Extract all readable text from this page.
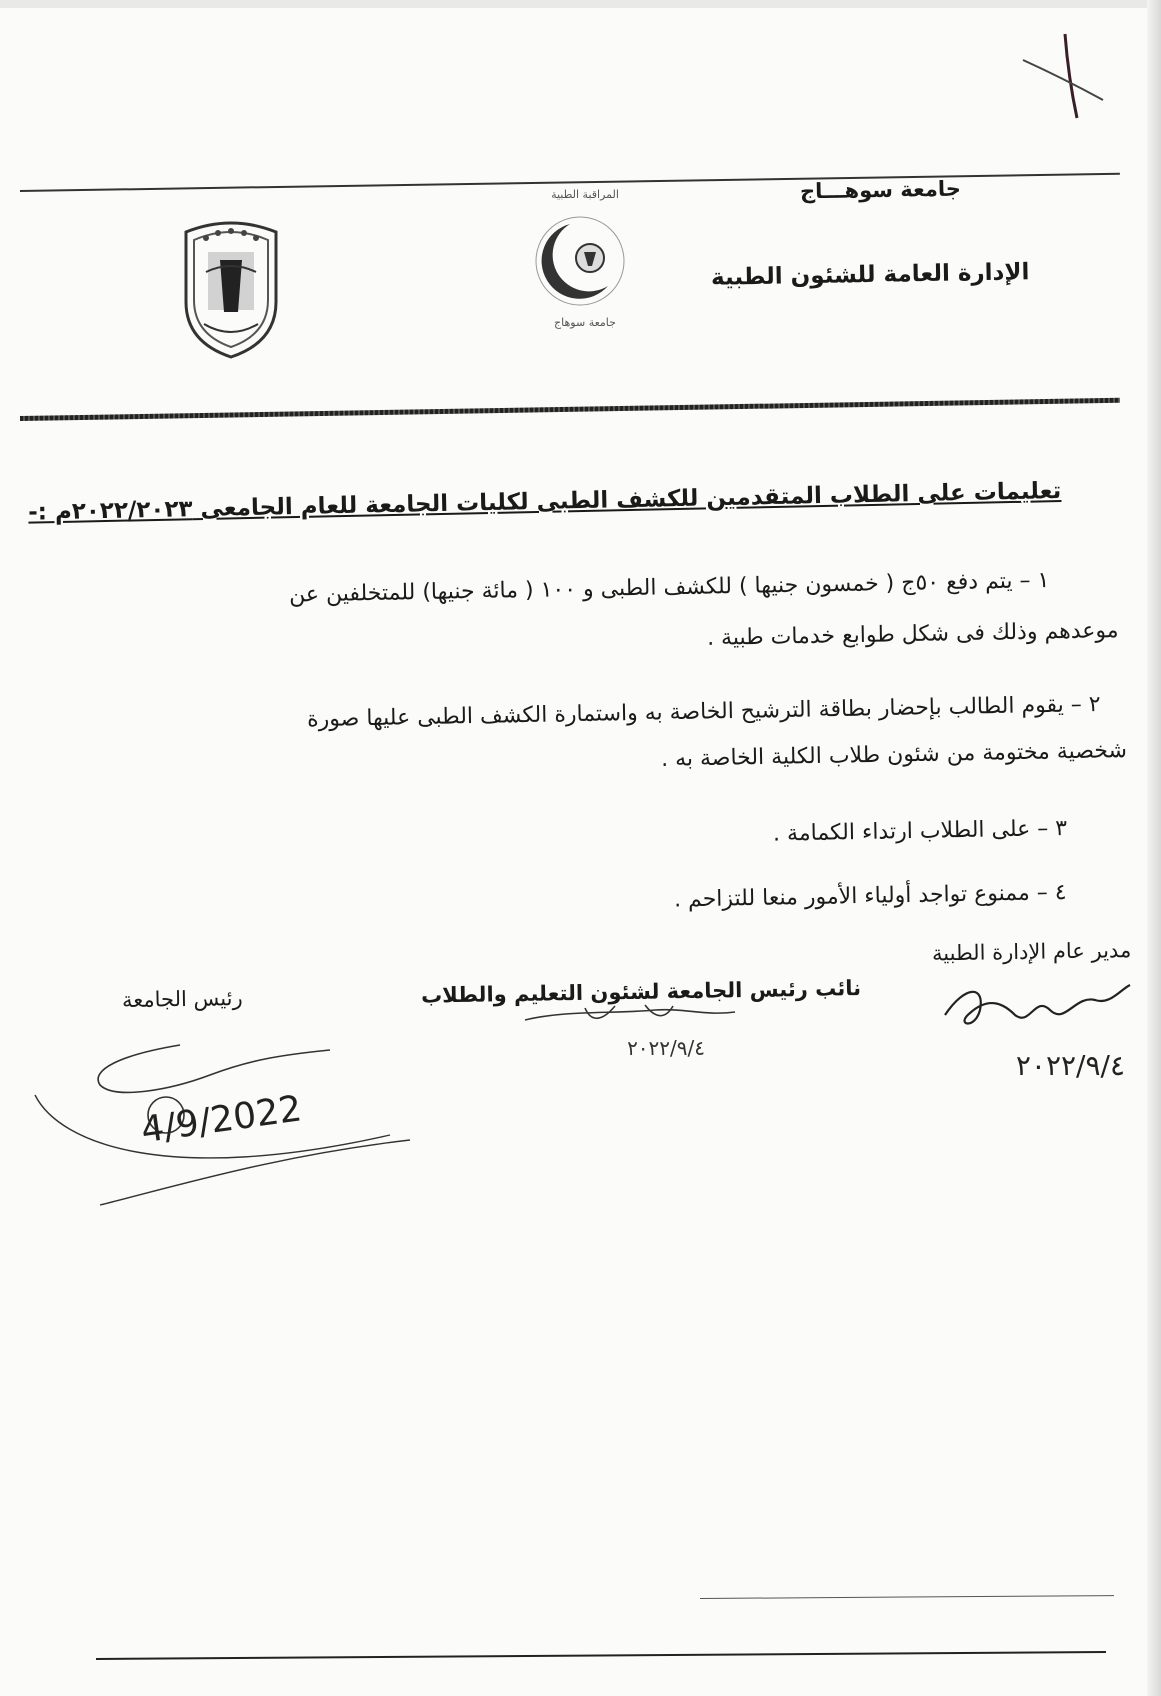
جامعة سوهـــاج
الإدارة العامة للشئون الطبية
المراقبة الطبية
جامعة سوهاج
تعليمات على الطلاب المتقدمين للكشف الطبى لكليات الجامعة للعام الجامعى ٢٠٢٢/٢٠٢٣م :-
١ – يتم دفع ٥٠ج ( خمسون جنيها ) للكشف الطبى و ١٠٠ ( مائة جنيها) للمتخلفين عن
موعدهم وذلك فى شكل طوابع خدمات طبية .
٢ – يقوم الطالب بإحضار بطاقة الترشيح الخاصة به واستمارة الكشف الطبى عليها صورة
شخصية مختومة من شئون طلاب الكلية الخاصة به .
٣ – على الطلاب ارتداء الكمامة .
٤ – ممنوع تواجد أولياء الأمور منعا للتزاحم .
مدير عام الإدارة الطبية
نائب رئيس الجامعة لشئون التعليم والطلاب
رئيس الجامعة
٢٠٢٢/٩/٤
٢٠٢٢/٩/٤
4/9/2022
